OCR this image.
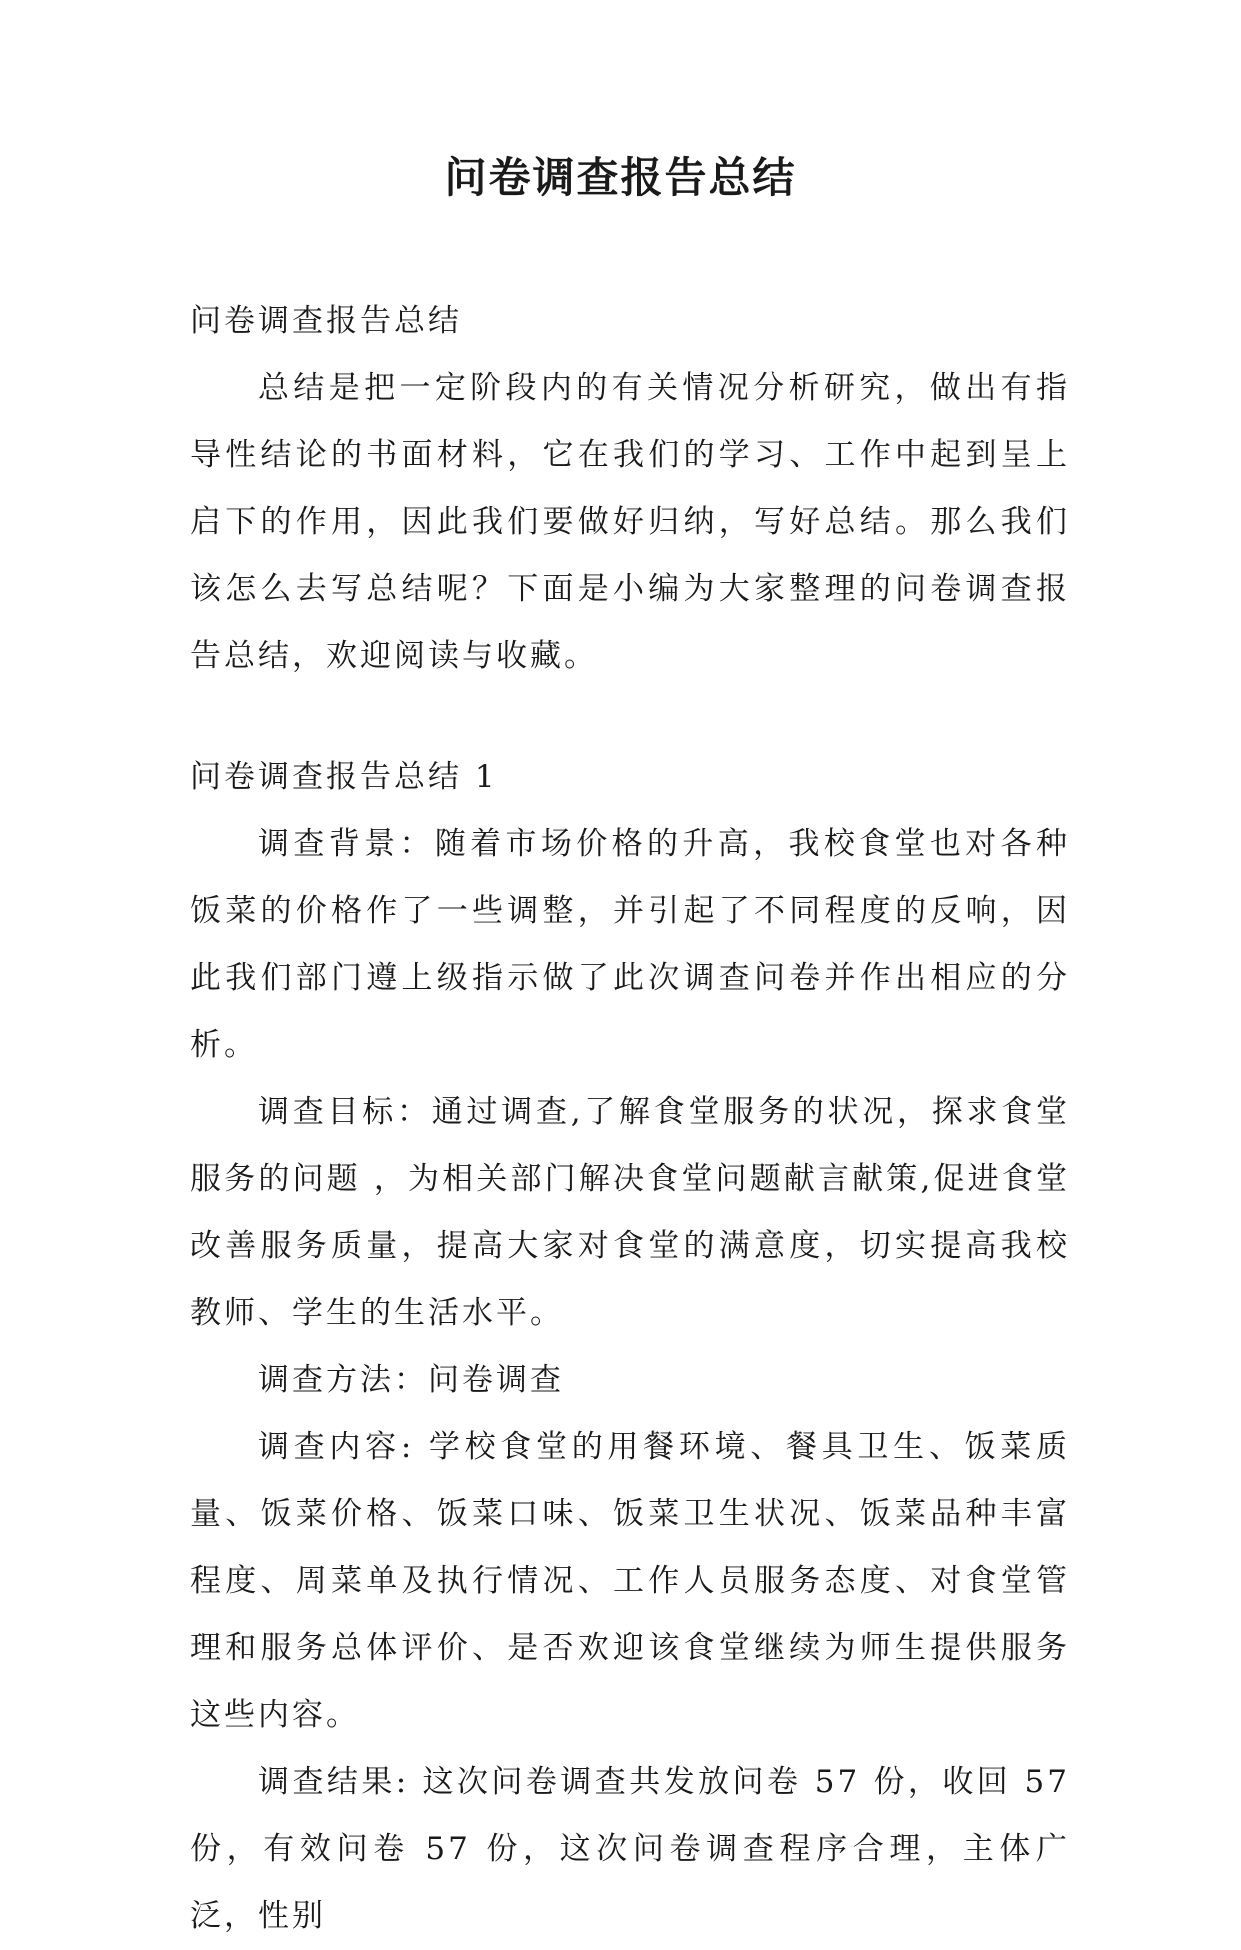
问卷调查报告总结

问卷调查报告总结

总结是把一定阶段内的有关情况分析研究，做出有指导性结论的书面材料，它在我们的学习、工作中起到呈上启下的作用，因此我们要做好归纳，写好总结。那么我们该怎么去写总结呢？下面是小编为大家整理的问卷调查报告总结，欢迎阅读与收藏。

问卷调查报告总结 1

调查背景：随着市场价格的升高，我校食堂也对各种饭菜的价格作了一些调整，并引起了不同程度的反响，因此我们部门遵上级指示做了此次调查问卷并作出相应的分析。

调查目标：通过调查,了解食堂服务的状况，探求食堂服务的问题 ，为相关部门解决食堂问题献言献策,促进食堂改善服务质量，提高大家对食堂的满意度，切实提高我校教师、学生的生活水平。

调查方法：问卷调查

调查内容: 学校食堂的用餐环境、餐具卫生、饭菜质量、饭菜价格、饭菜口味、饭菜卫生状况、饭菜品种丰富程度、周菜单及执行情况、工作人员服务态度、对食堂管理和服务总体评价、是否欢迎该食堂继续为师生提供服务这些内容。

调查结果: 这次问卷调查共发放问卷 57 份，收回 57 份，有效问卷 57 份，这次问卷调查程序合理，主体广泛，性别
